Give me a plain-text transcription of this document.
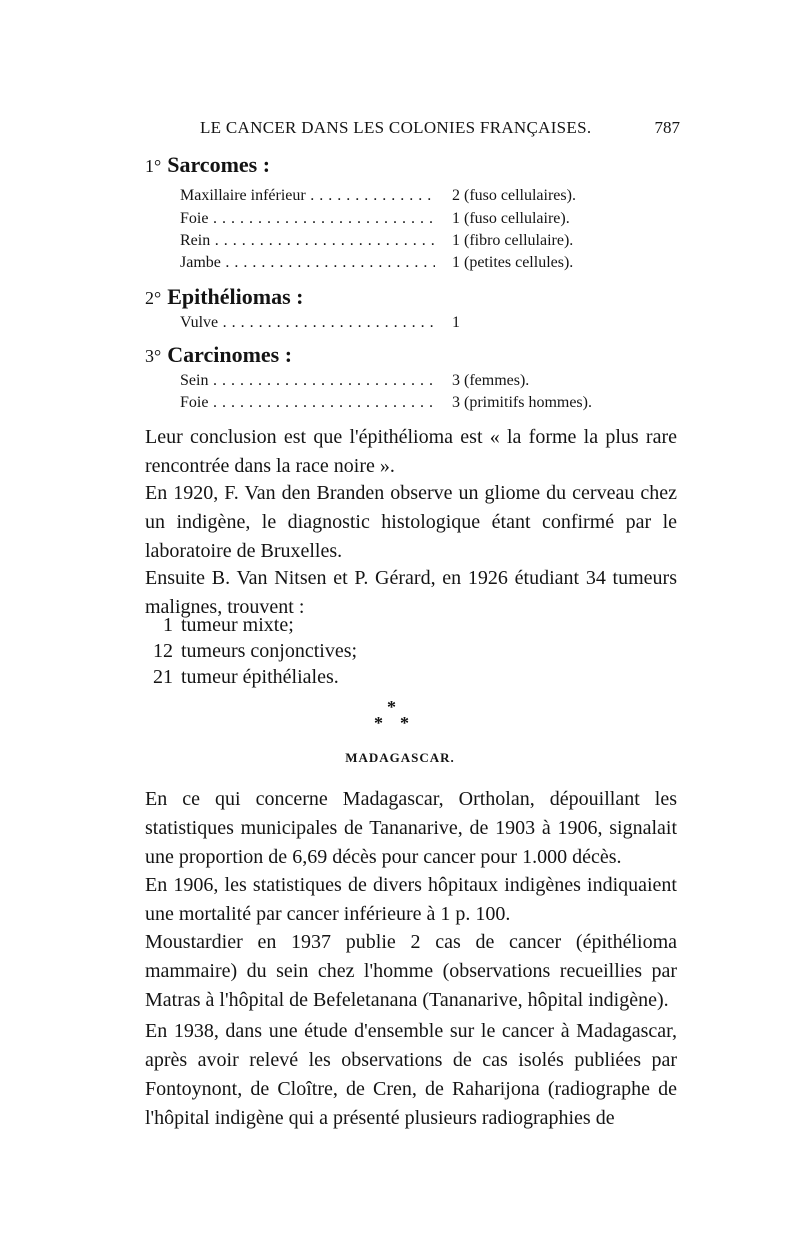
LE CANCER DANS LES COLONIES FRANÇAISES.	787
1° Sarcomes :
Maxillaire inférieur . . .	2 (fuso cellulaires).
Foie . . .	1 (fuso cellulaire).
Rein . . .	1 (fibro cellulaire).
Jambe . . .	1 (petites cellules).
2° Epithéliomas :
Vulve . . .	1
3° Carcinomes :
Sein . . .	3 (femmes).
Foie . . .	3 (primitifs hommes).
Leur conclusion est que l'épithélioma est « la forme la plus rare rencontrée dans la race noire ».
En 1920, F. Van den Branden observe un gliome du cerveau chez un indigène, le diagnostic histologique étant confirmé par le laboratoire de Bruxelles.
Ensuite B. Van Nitsen et P. Gérard, en 1926 étudiant 34 tumeurs malignes, trouvent :
1 tumeur mixte;
12 tumeurs conjonctives;
21 tumeur épithéliales.
*
* *
MADAGASCAR.
En ce qui concerne Madagascar, Ortholan, dépouillant les statistiques municipales de Tananarive, de 1903 à 1906, signalait une proportion de 6,69 décès pour cancer pour 1.000 décès.
En 1906, les statistiques de divers hôpitaux indigènes indiquaient une mortalité par cancer inférieure à 1 p. 100.
Moustardier en 1937 publie 2 cas de cancer (épithélioma mammaire) du sein chez l'homme (observations recueillies par Matras à l'hôpital de Befeletanana (Tananarive, hôpital indigène).
En 1938, dans une étude d'ensemble sur le cancer à Madagascar, après avoir relevé les observations de cas isolés publiées par Fontoynont, de Cloître, de Cren, de Raharijona (radiographe de l'hôpital indigène qui a présenté plusieurs radiographies de
